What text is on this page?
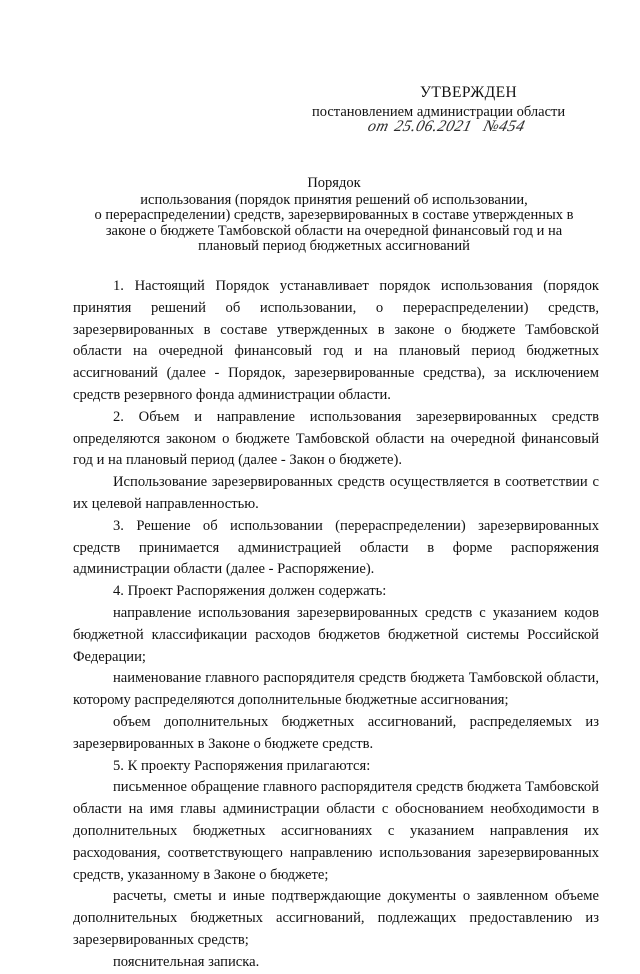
УТВЕРЖДЕН
постановлением администрации области
от 25.06.2021 №454
Порядок
использования (порядок принятия решений об использовании,
о перераспределении) средств, зарезервированных в составе утвержденных в
законе о бюджете Тамбовской области на очередной финансовый год и на
плановый период бюджетных ассигнований

1. Настоящий Порядок устанавливает порядок использования (порядок принятия решений об использовании, о перераспределении) средств, зарезервированных в составе утвержденных в законе о бюджете Тамбовской области на очередной финансовый год и на плановый период бюджетных ассигнований (далее - Порядок, зарезервированные средства), за исключением средств резервного фонда администрации области.

2. Объем и направление использования зарезервированных средств определяются законом о бюджете Тамбовской области на очередной финансовый год и на плановый период (далее - Закон о бюджете).

Использование зарезервированных средств осуществляется в соответствии с их целевой направленностью.

3. Решение об использовании (перераспределении) зарезервированных средств принимается администрацией области в форме распоряжения администрации области (далее - Распоряжение).

4. Проект Распоряжения должен содержать:

направление использования зарезервированных средств с указанием кодов бюджетной классификации расходов бюджетов бюджетной системы Российской Федерации;

наименование главного распорядителя средств бюджета Тамбовской области, которому распределяются дополнительные бюджетные ассигнования;

объем дополнительных бюджетных ассигнований, распределяемых из зарезервированных в Законе о бюджете средств.

5. К проекту Распоряжения прилагаются:

письменное обращение главного распорядителя средств бюджета Тамбовской области на имя главы администрации области с обоснованием необходимости в дополнительных бюджетных ассигнованиях с указанием направления их расходования, соответствующего направлению использования зарезервированных средств, указанному в Законе о бюджете;

расчеты, сметы и иные подтверждающие документы о заявленном объеме дополнительных бюджетных ассигнований, подлежащих предоставлению из зарезервированных средств;

пояснительная записка.
